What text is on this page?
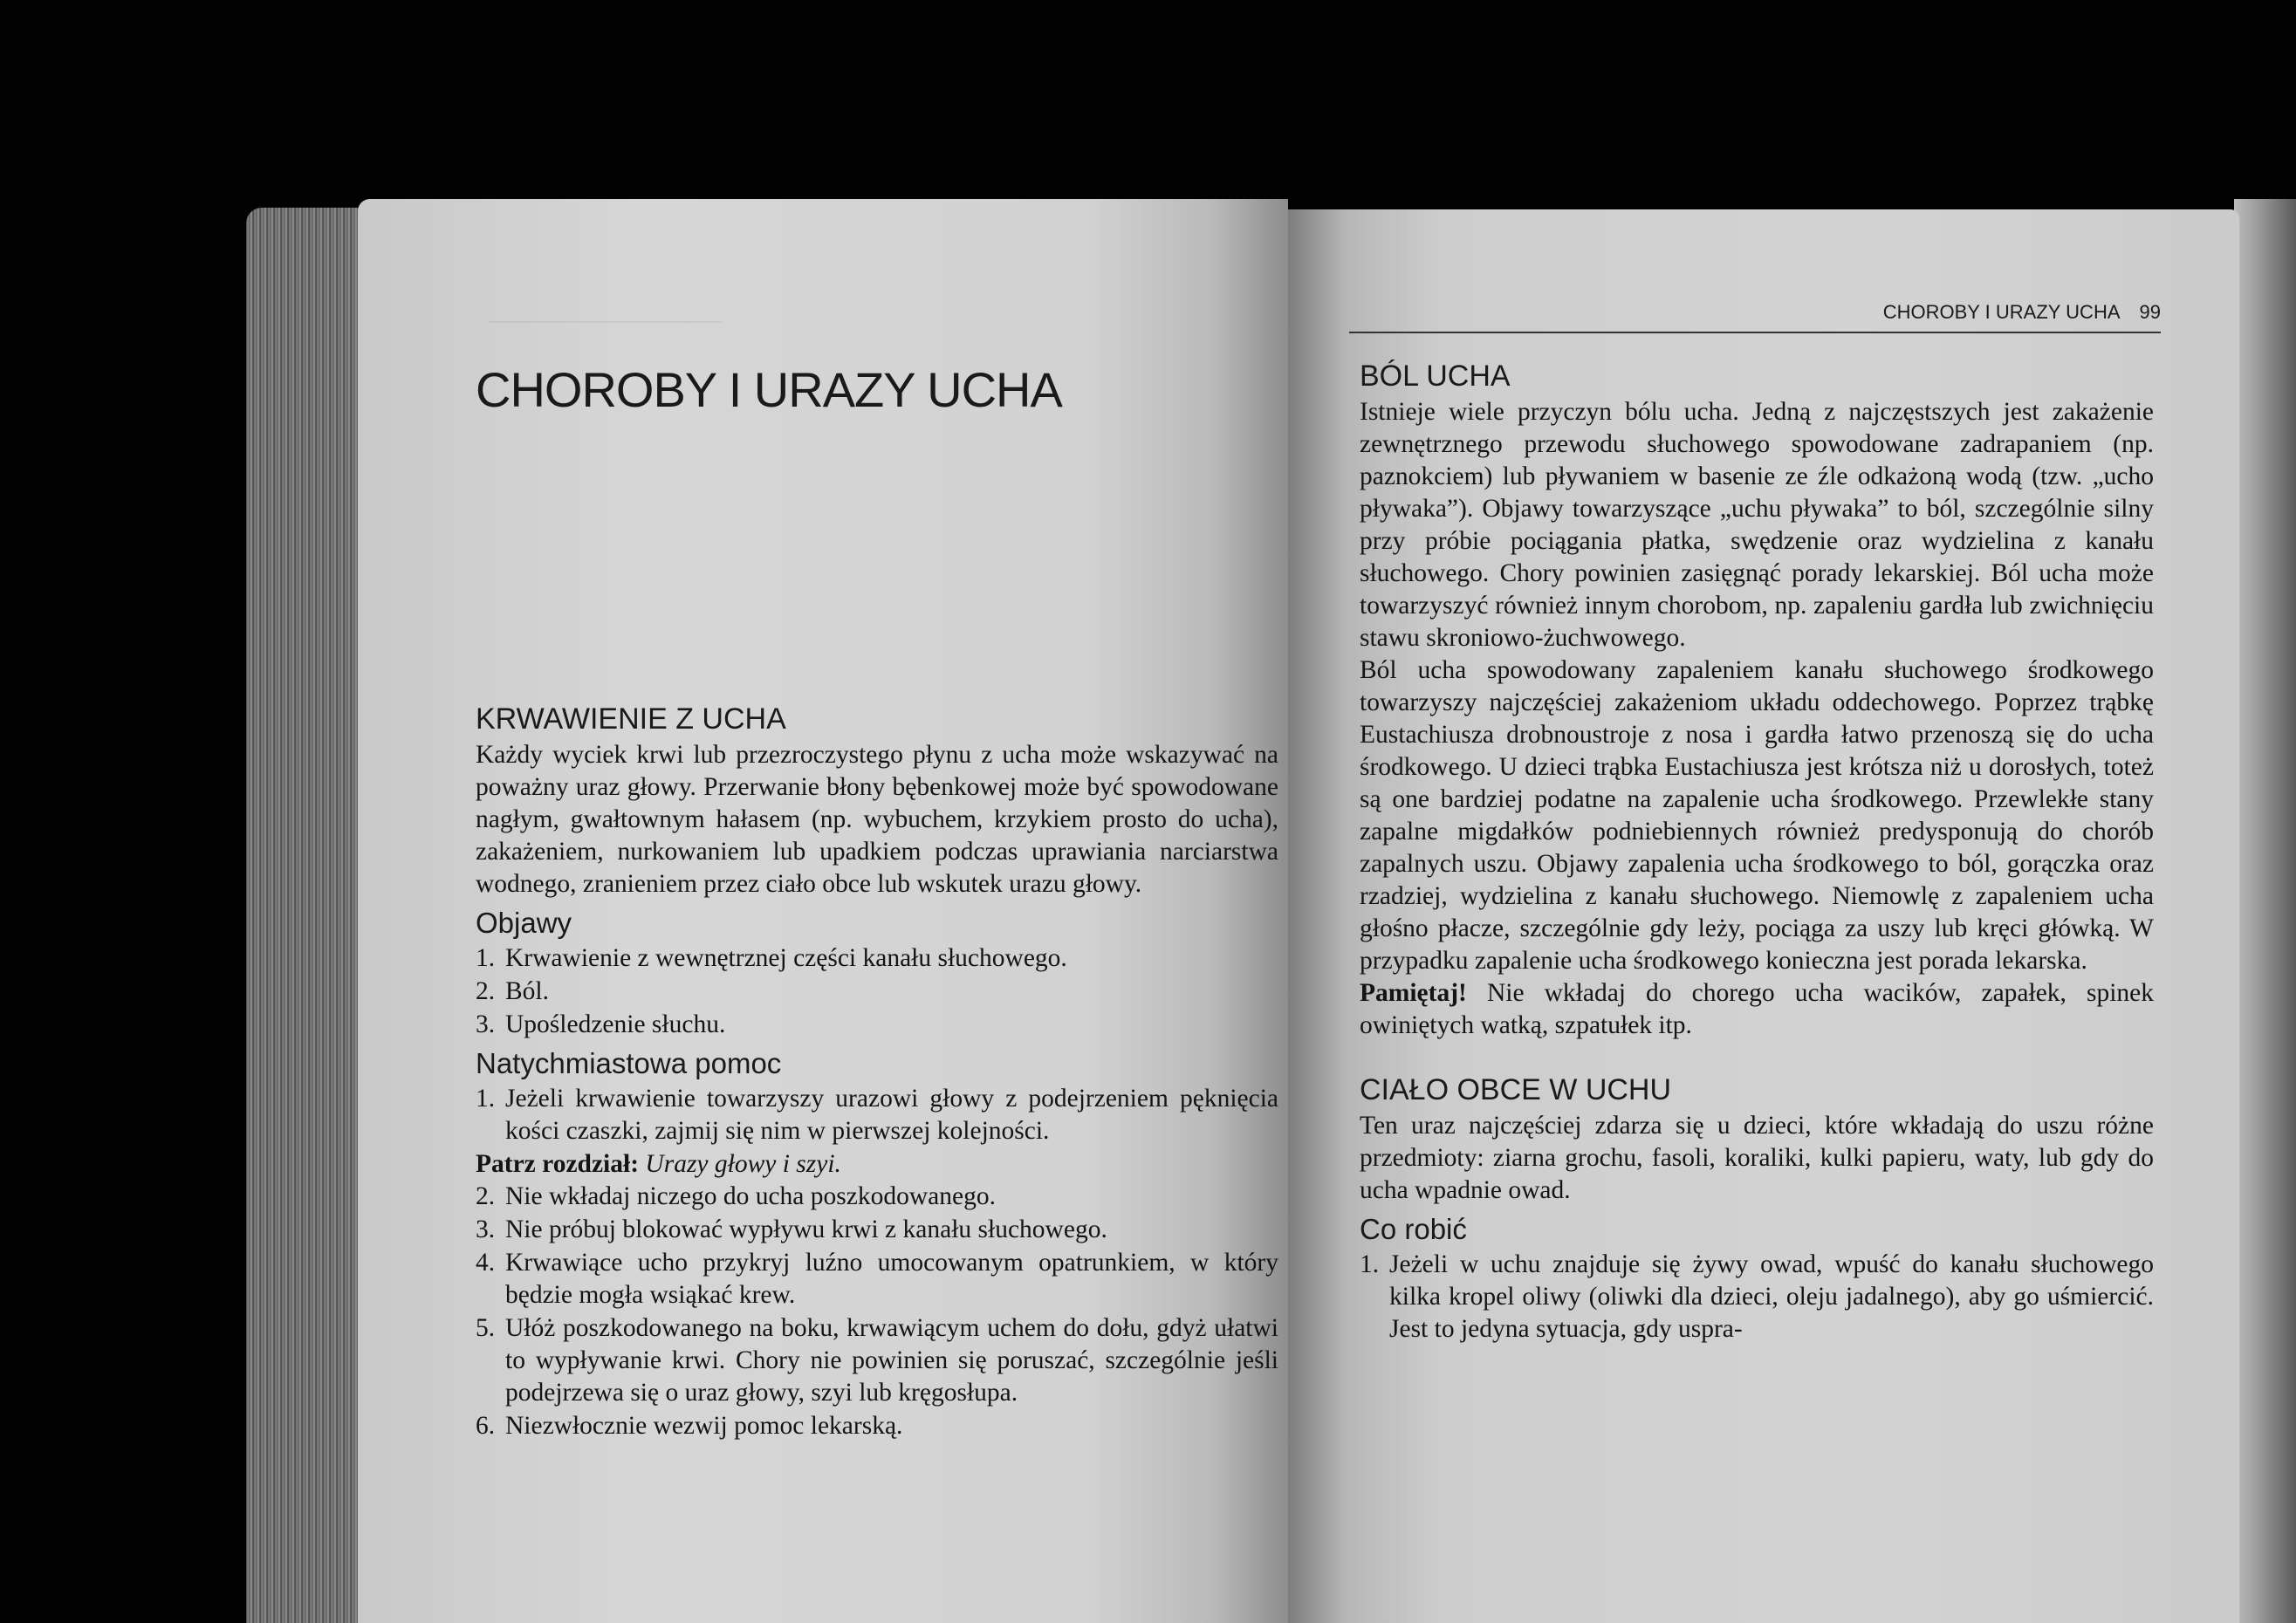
─────────────
CHOROBY I URAZY UCHA
KRWAWIENIE Z UCHA

Każdy wyciek krwi lub przezroczystego płynu z ucha może wskazywać na poważny uraz głowy. Przerwanie błony bębenkowej może być spowodowane nagłym, gwałtownym hałasem (np. wybuchem, krzykiem prosto do ucha), zakażeniem, nurkowaniem lub upadkiem podczas uprawiania narciarstwa wodnego, zranieniem przez ciało obce lub wskutek urazu głowy.

Objawy
1. Krwawienie z wewnętrznej części kanału słuchowego.
2. Ból.
3. Upośledzenie słuchu.
Natychmiastowa pomoc
1. Jeżeli krwawienie towarzyszy urazowi głowy z podejrzeniem pęknięcia kości czaszki, zajmij się nim w pierwszej kolejności.

Patrz rozdział: Urazy głowy i szyi.

2. Nie wkładaj niczego do ucha poszkodowanego.
3. Nie próbuj blokować wypływu krwi z kanału słuchowego.
4. Krwawiące ucho przykryj luźno umocowanym opatrunkiem, w który będzie mogła wsiąkać krew.
5. Ułóż poszkodowanego na boku, krwawiącym uchem do dołu, gdyż ułatwi to wypływanie krwi. Chory nie powinien się poruszać, szczególnie jeśli podejrzewa się o uraz głowy, szyi lub kręgosłupa.
6. Niezwłocznie wezwij pomoc lekarską.
CHOROBY I URAZY UCHA 99
BÓL UCHA

Istnieje wiele przyczyn bólu ucha. Jedną z najczęstszych jest zakażenie zewnętrznego przewodu słuchowego spowodowane zadrapaniem (np. paznokciem) lub pływaniem w basenie ze źle odkażoną wodą (tzw. „ucho pływaka”). Objawy towarzyszące „uchu pływaka” to ból, szczególnie silny przy próbie pociągania płatka, swędzenie oraz wydzielina z kanału słuchowego. Chory powinien zasięgnąć porady lekarskiej. Ból ucha może towarzyszyć również innym chorobom, np. zapaleniu gardła lub zwichnięciu stawu skroniowo-żuchwowego.

Ból ucha spowodowany zapaleniem kanału słuchowego środkowego towarzyszy najczęściej zakażeniom układu oddechowego. Poprzez trąbkę Eustachiusza drobnoustroje z nosa i gardła łatwo przenoszą się do ucha środkowego. U dzieci trąbka Eustachiusza jest krótsza niż u dorosłych, toteż są one bardziej podatne na zapalenie ucha środkowego. Przewlekłe stany zapalne migdałków podniebiennych również predysponują do chorób zapalnych uszu. Objawy zapalenia ucha środkowego to ból, gorączka oraz rzadziej, wydzielina z kanału słuchowego. Niemowlę z zapaleniem ucha głośno płacze, szczególnie gdy leży, pociąga za uszy lub kręci główką. W przypadku zapalenie ucha środkowego konieczna jest porada lekarska.

Pamiętaj! Nie wkładaj do chorego ucha wacików, zapałek, spinek owiniętych watką, szpatułek itp.

CIAŁO OBCE W UCHU

Ten uraz najczęściej zdarza się u dzieci, które wkładają do uszu różne przedmioty: ziarna grochu, fasoli, koraliki, kulki papieru, waty, lub gdy do ucha wpadnie owad.

Co robić
1. Jeżeli w uchu znajduje się żywy owad, wpuść do kanału słuchowego kilka kropel oliwy (oliwki dla dzieci, oleju jadalnego), aby go uśmiercić. Jest to jedyna sytuacja, gdy uspra-
